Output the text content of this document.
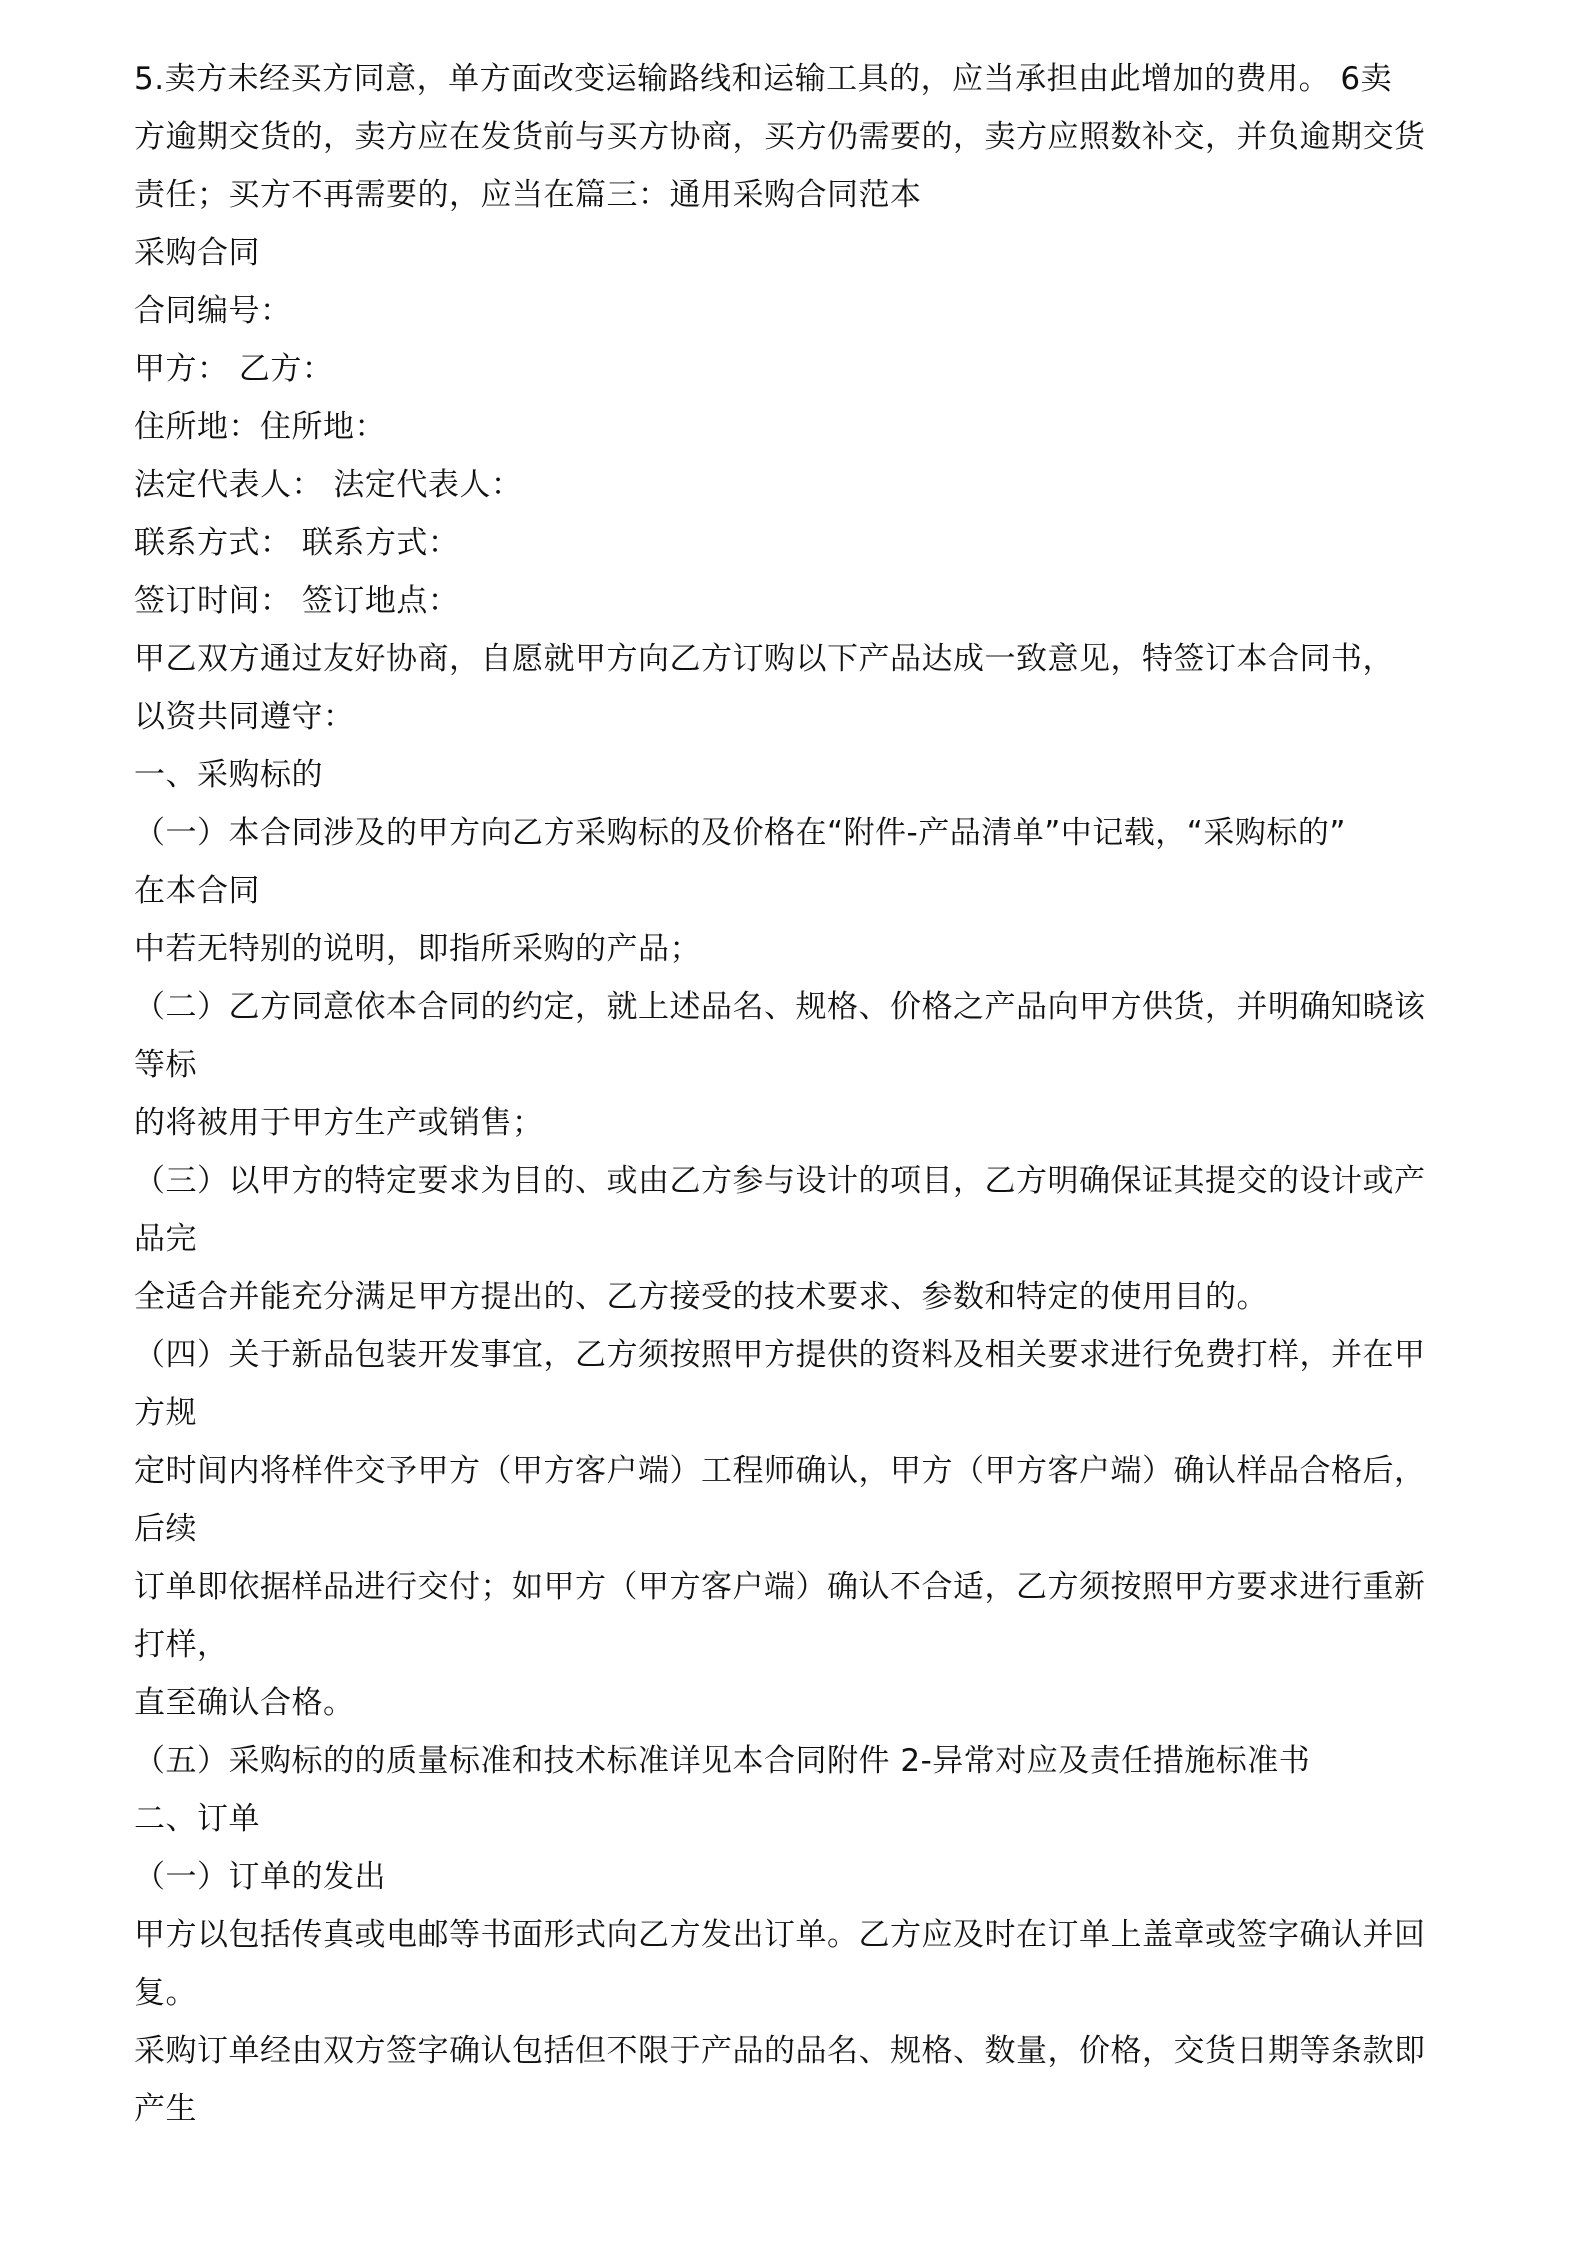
5.卖方未经买方同意，单方面改变运输路线和运输工具的，应当承担由此增加的费用。 6卖
方逾期交货的，卖方应在发货前与买方协商，买方仍需要的，卖方应照数补交，并负逾期交货
责任；买方不再需要的，应当在篇三：通用采购合同范本
采购合同
合同编号：
甲方： 乙方：
住所地：住所地：
法定代表人： 法定代表人：
联系方式： 联系方式：
签订时间： 签订地点：
甲乙双方通过友好协商，自愿就甲方向乙方订购以下产品达成一致意见，特签订本合同书，
以资共同遵守：
一、采购标的
（一）本合同涉及的甲方向乙方采购标的及价格在“附件-产品清单”中记载，“采购标的”
在本合同
中若无特别的说明，即指所采购的产品；
（二）乙方同意依本合同的约定，就上述品名、规格、价格之产品向甲方供货，并明确知晓该
等标
的将被用于甲方生产或销售；
（三）以甲方的特定要求为目的、或由乙方参与设计的项目，乙方明确保证其提交的设计或产
品完
全适合并能充分满足甲方提出的、乙方接受的技术要求、参数和特定的使用目的。
（四）关于新品包装开发事宜，乙方须按照甲方提供的资料及相关要求进行免费打样，并在甲
方规
定时间内将样件交予甲方（甲方客户端）工程师确认，甲方（甲方客户端）确认样品合格后，
后续
订单即依据样品进行交付；如甲方（甲方客户端）确认不合适，乙方须按照甲方要求进行重新
打样，
直至确认合格。
（五）采购标的的质量标准和技术标准详见本合同附件 2-异常对应及责任措施标准书
二、订单
（一）订单的发出
甲方以包括传真或电邮等书面形式向乙方发出订单。乙方应及时在订单上盖章或签字确认并回
复。
采购订单经由双方签字确认包括但不限于产品的品名、规格、数量，价格，交货日期等条款即
产生
